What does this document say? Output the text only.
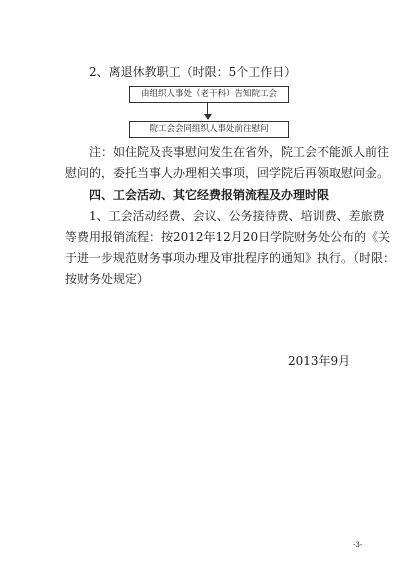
2、离退休教职工（时限：5个工作日）
由组织人事处（老干科）告知院工会
院工会会同组织人事处前往慰问
注：如住院及丧事慰问发生在省外，院工会不能派人前往
慰问的，委托当事人办理相关事项，回学院后再领取慰问金。
四、工会活动、其它经费报销流程及办理时限
1、工会活动经费、会议、公务接待费、培训费、差旅费
等费用报销流程：按2012年12月20日学院财务处公布的《关
于进一步规范财务事项办理及审批程序的通知》执行。（时限：
按财务处规定）
2013年9月
-3-
